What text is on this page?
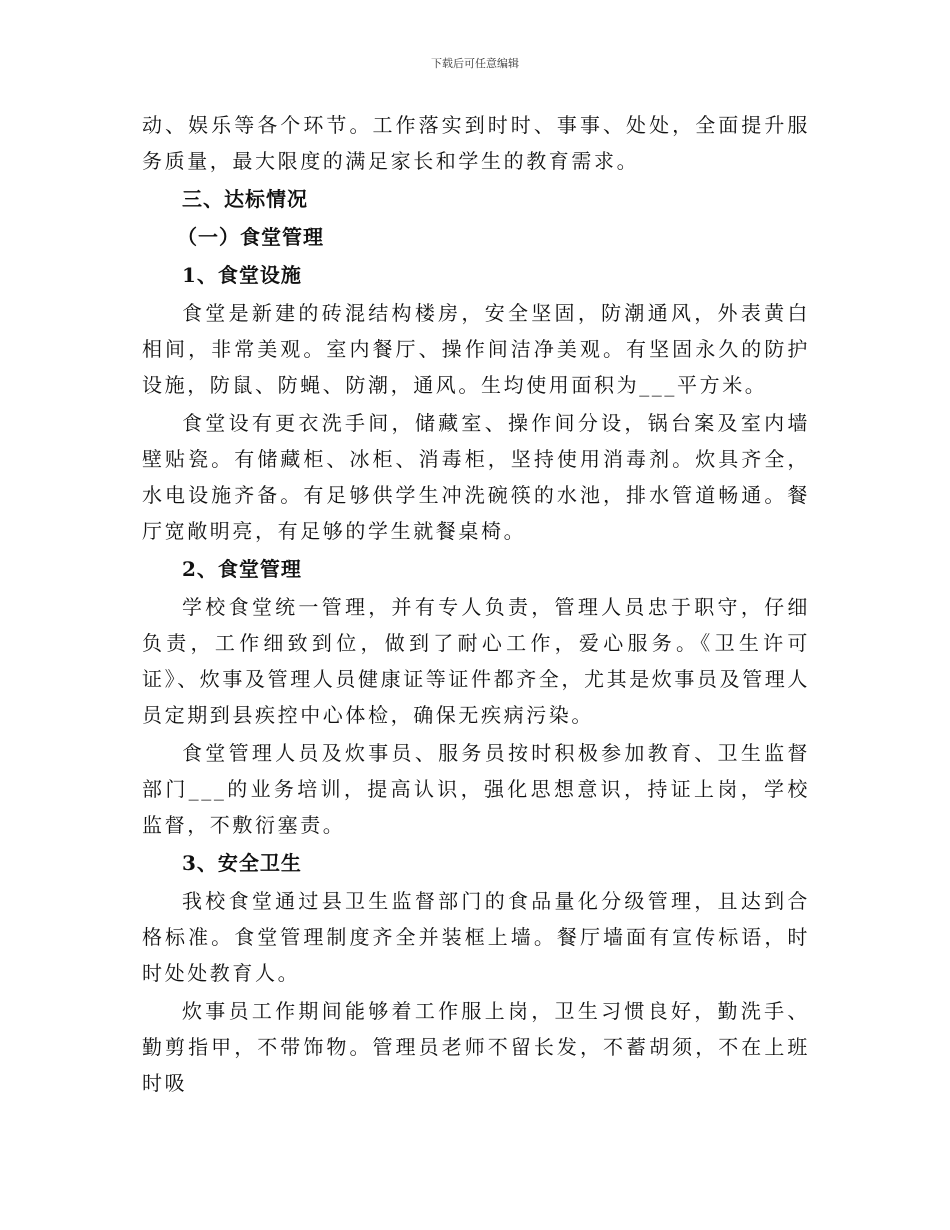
下载后可任意编辑

动、娱乐等各个环节。工作落实到时时、事事、处处，全面提升服务质量，最大限度的满足家长和学生的教育需求。

三、达标情况

（一）食堂管理

1、食堂设施

食堂是新建的砖混结构楼房，安全坚固，防潮通风，外表黄白相间，非常美观。室内餐厅、操作间洁净美观。有坚固永久的防护设施，防鼠、防蝇、防潮，通风。生均使用面积为___平方米。

食堂设有更衣洗手间，储藏室、操作间分设，锅台案及室内墙壁贴瓷。有储藏柜、冰柜、消毒柜，坚持使用消毒剂。炊具齐全，水电设施齐备。有足够供学生冲洗碗筷的水池，排水管道畅通。餐厅宽敞明亮，有足够的学生就餐桌椅。

2、食堂管理

学校食堂统一管理，并有专人负责，管理人员忠于职守，仔细负责，工作细致到位，做到了耐心工作，爱心服务。《卫生许可证》、炊事及管理人员健康证等证件都齐全，尤其是炊事员及管理人员定期到县疾控中心体检，确保无疾病污染。

食堂管理人员及炊事员、服务员按时积极参加教育、卫生监督部门___的业务培训，提高认识，强化思想意识，持证上岗，学校监督，不敷衍塞责。

3、安全卫生

我校食堂通过县卫生监督部门的食品量化分级管理，且达到合格标准。食堂管理制度齐全并装框上墙。餐厅墙面有宣传标语，时时处处教育人。

炊事员工作期间能够着工作服上岗，卫生习惯良好，勤洗手、勤剪指甲，不带饰物。管理员老师不留长发，不蓄胡须，不在上班时吸
